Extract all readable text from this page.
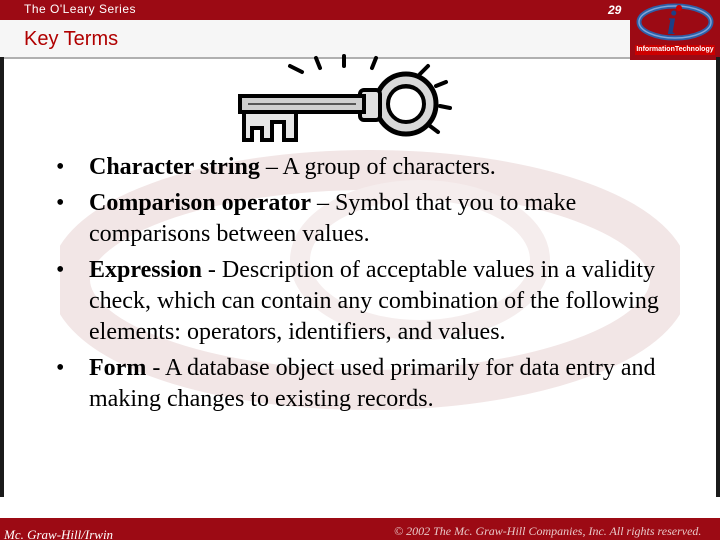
The O'Leary Series	29
Key Terms	i
InformationTechnology
• Character string – A group of characters.
• Comparison operator – Symbol that you to make comparisons between values.
• Expression - Description of acceptable values in a validity check, which can contain any combination of the following elements: operators, identifiers, and values.
• Form - A database object used primarily for data entry and making changes to existing records.
Mc. Graw-Hill/Irwin	© 2002 The Mc. Graw-Hill Companies, Inc. All rights reserved.
